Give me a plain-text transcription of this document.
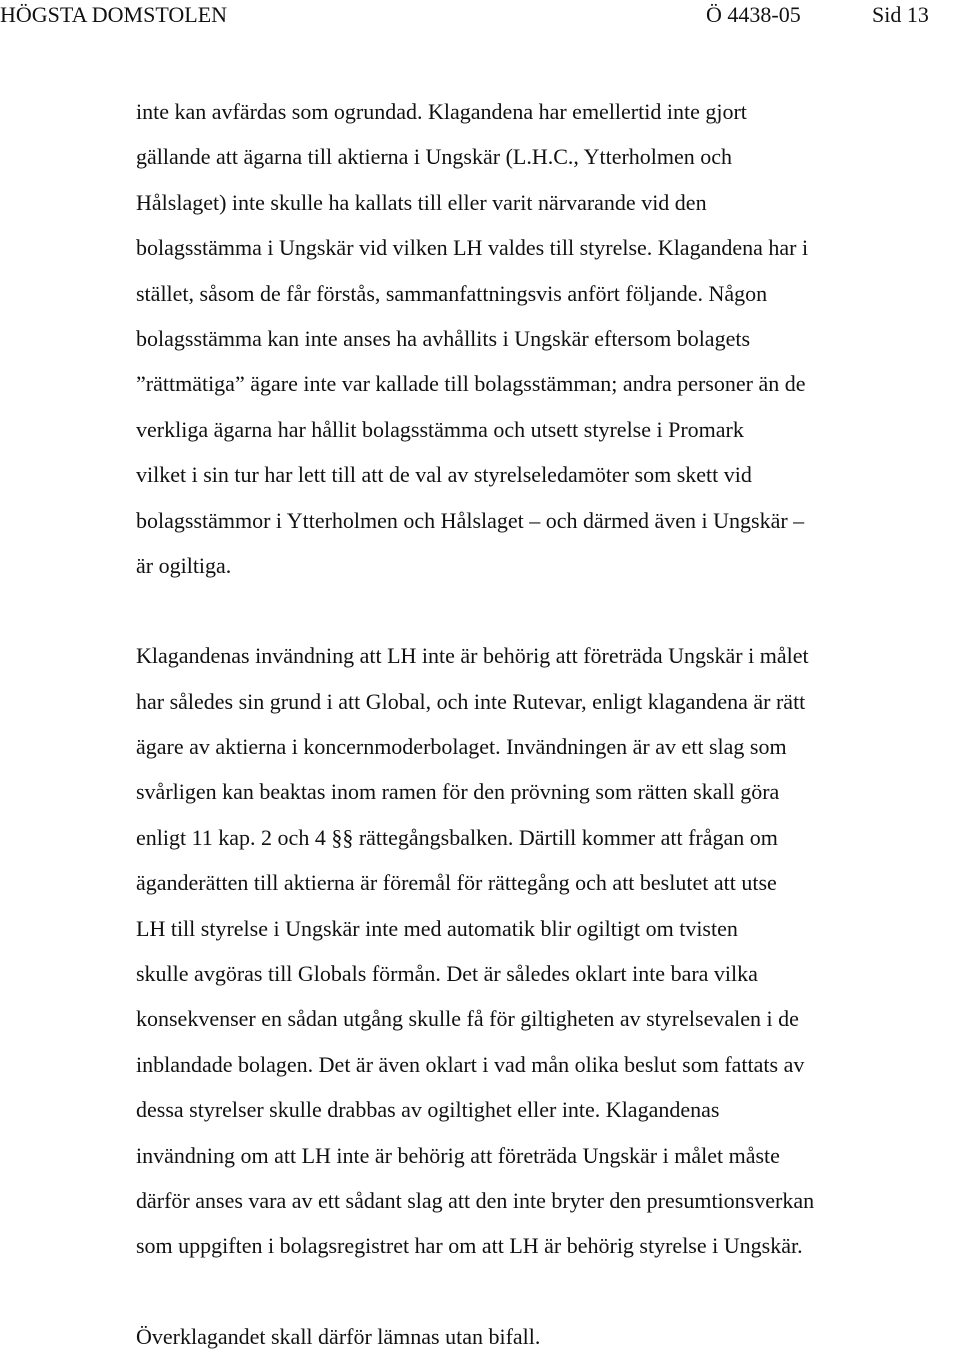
HÖGSTA DOMSTOLEN	Ö 4438-05	Sid 13
inte kan avfärdas som ogrundad. Klagandena har emellertid inte gjort
gällande att ägarna till aktierna i Ungskär (L.H.C., Ytterholmen och
Hålslaget) inte skulle ha kallats till eller varit närvarande vid den
bolagsstämma i Ungskär vid vilken LH valdes till styrelse. Klagandena har i
stället, såsom de får förstås, sammanfattningsvis anfört följande. Någon
bolagsstämma kan inte anses ha avhållits i Ungskär eftersom bolagets
”rättmätiga” ägare inte var kallade till bolagsstämman; andra personer än de
verkliga ägarna har hållit bolagsstämma och utsett styrelse i Promark
vilket i sin tur har lett till att de val av styrelseledamöter som skett vid
bolagsstämmor i Ytterholmen och Hålslaget – och därmed även i Ungskär –
är ogiltiga.
Klagandenas invändning att LH inte är behörig att företräda Ungskär i målet
har således sin grund i att Global, och inte Rutevar, enligt klagandena är rätt
ägare av aktierna i koncernmoderbolaget. Invändningen är av ett slag som
svårligen kan beaktas inom ramen för den prövning som rätten skall göra
enligt 11 kap. 2 och 4 §§ rättegångsbalken. Därtill kommer att frågan om
äganderätten till aktierna är föremål för rättegång och att beslutet att utse
LH till styrelse i Ungskär inte med automatik blir ogiltigt om tvisten
skulle avgöras till Globals förmån. Det är således oklart inte bara vilka
konsekvenser en sådan utgång skulle få för giltigheten av styrelsevalen i de
inblandade bolagen. Det är även oklart i vad mån olika beslut som fattats av
dessa styrelser skulle drabbas av ogiltighet eller inte. Klagandenas
invändning om att LH inte är behörig att företräda Ungskär i målet måste
därför anses vara av ett sådant slag att den inte bryter den presumtionsverkan
som uppgiften i bolagsregistret har om att LH är behörig styrelse i Ungskär.
Överklagandet skall därför lämnas utan bifall.
